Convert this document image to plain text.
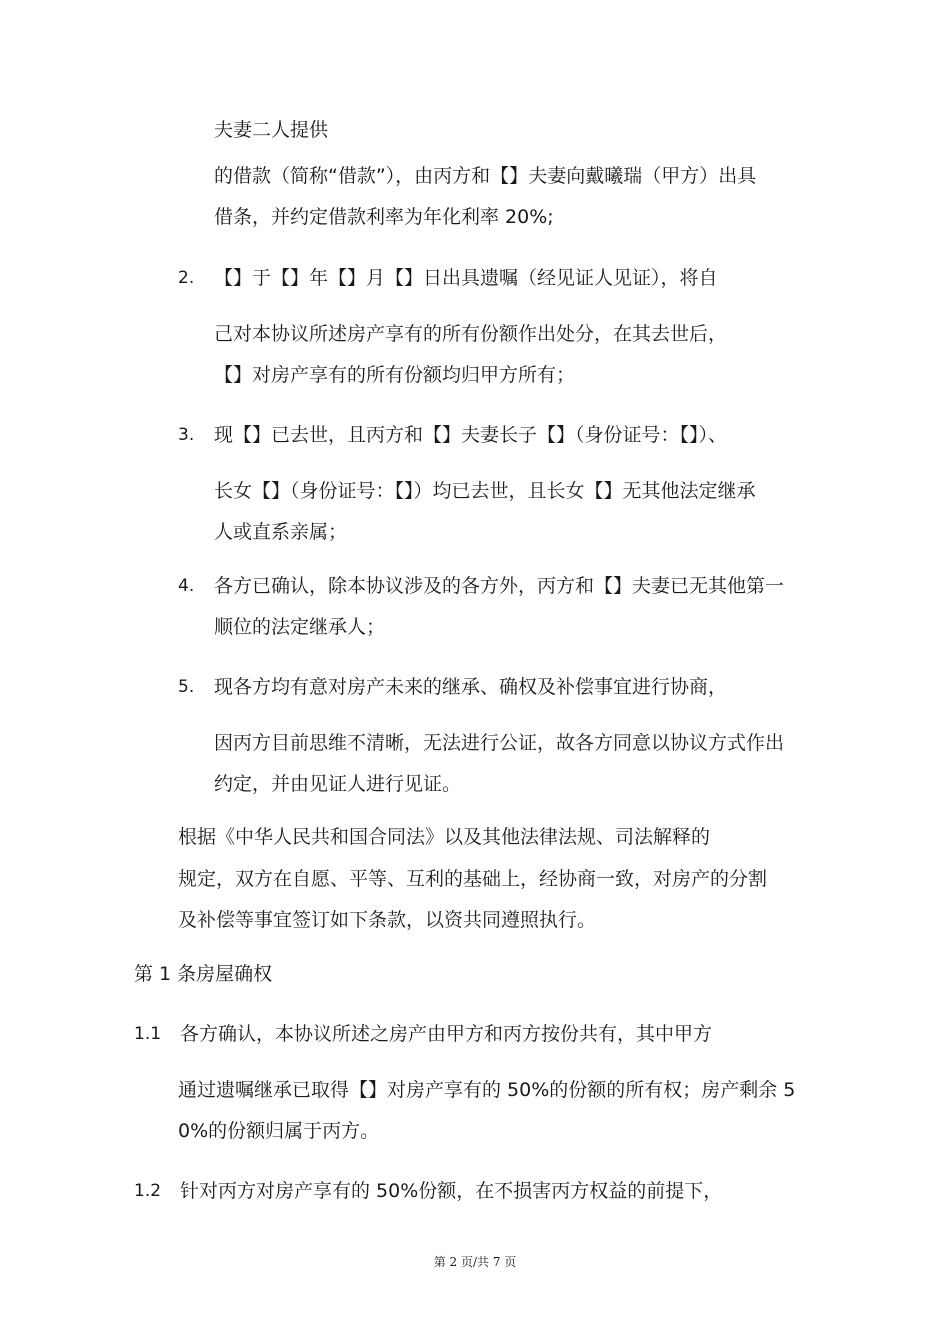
夫妻二人提供
的借款（简称“借款”），由丙方和【】夫妻向戴曦瑞（甲方）出具
借条，并约定借款利率为年化利率 20%;
2. 【】于【】年【】月【】日出具遗嘱（经见证人见证），将自
己对本协议所述房产享有的所有份额作出处分，在其去世后，
【】对房产享有的所有份额均归甲方所有；
3. 现【】已去世，且丙方和【】夫妻长子【】（身份证号：【】）、
长女【】（身份证号：【】）均已去世，且长女【】无其他法定继承
人或直系亲属；
4. 各方已确认，除本协议涉及的各方外，丙方和【】夫妻已无其他第一
顺位的法定继承人；
5. 现各方均有意对房产未来的继承、确权及补偿事宜进行协商，
因丙方目前思维不清晰，无法进行公证，故各方同意以协议方式作出
约定，并由见证人进行见证。
根据《中华人民共和国合同法》以及其他法律法规、司法解释的
规定，双方在自愿、平等、互利的基础上，经协商一致，对房产的分割
及补偿等事宜签订如下条款，以资共同遵照执行。
第 1 条房屋确权
1.1 各方确认，本协议所述之房产由甲方和丙方按份共有，其中甲方
通过遗嘱继承已取得【】对房产享有的 50%的份额的所有权；房产剩余 5
0%的份额归属于丙方。
1.2 针对丙方对房产享有的 50%份额，在不损害丙方权益的前提下，
第 2 页/共 7 页
